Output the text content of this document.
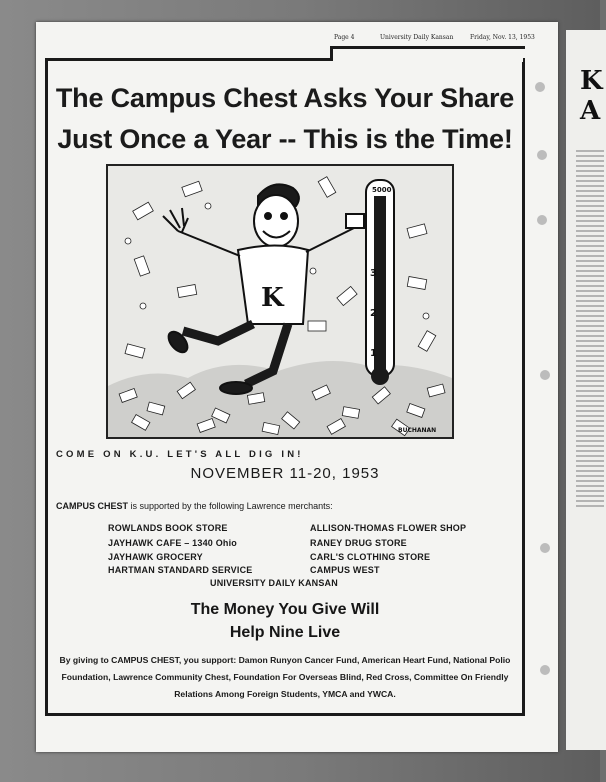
K
A
Page 4	University Daily Kansan	Friday, Nov. 13, 1953
The Campus Chest Asks Your Share
Just Once a Year -- This is the Time!
5000
3
2
1
K
BUCHANAN
COME ON K.U. LET'S ALL DIG IN!
NOVEMBER 11-20, 1953
CAMPUS CHEST is supported by the following Lawrence merchants:
ROWLANDS BOOK STORE
JAYHAWK CAFE – 1340 Ohio
JAYHAWK GROCERY
HARTMAN STANDARD SERVICE
ALLISON-THOMAS FLOWER SHOP
RANEY DRUG STORE
CARL'S CLOTHING STORE
CAMPUS WEST
UNIVERSITY DAILY KANSAN
The Money You Give Will
Help Nine Live
By giving to CAMPUS CHEST, you support: Damon Runyon Cancer Fund, American Heart Fund, National Polio Foundation, Lawrence Community Chest, Foundation For Overseas Blind, Red Cross, Committee On Friendly Relations Among Foreign Students, YMCA and YWCA.
